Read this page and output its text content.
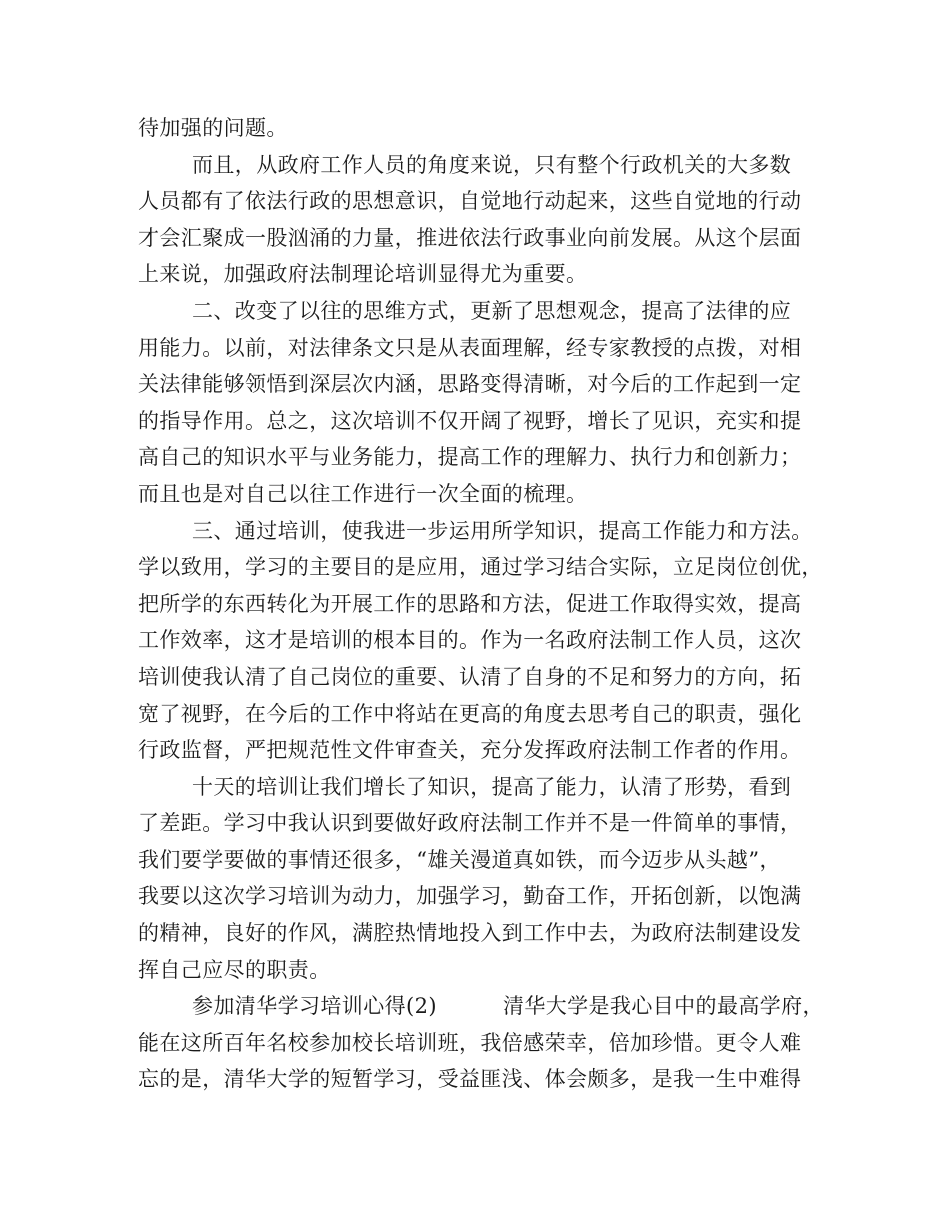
待加强的问题。
而且，从政府工作人员的角度来说，只有整个行政机关的大多数
人员都有了依法行政的思想意识，自觉地行动起来，这些自觉地的行动
才会汇聚成一股汹涌的力量，推进依法行政事业向前发展。从这个层面
上来说，加强政府法制理论培训显得尤为重要。
二、改变了以往的思维方式，更新了思想观念，提高了法律的应
用能力。以前，对法律条文只是从表面理解，经专家教授的点拨，对相
关法律能够领悟到深层次内涵，思路变得清晰，对今后的工作起到一定
的指导作用。总之，这次培训不仅开阔了视野，增长了见识，充实和提
高自己的知识水平与业务能力，提高工作的理解力、执行力和创新力；
而且也是对自己以往工作进行一次全面的梳理。
三、通过培训，使我进一步运用所学知识，提高工作能力和方法。
学以致用，学习的主要目的是应用，通过学习结合实际，立足岗位创优，
把所学的东西转化为开展工作的思路和方法，促进工作取得实效，提高
工作效率，这才是培训的根本目的。作为一名政府法制工作人员，这次
培训使我认清了自己岗位的重要、认清了自身的不足和努力的方向，拓
宽了视野，在今后的工作中将站在更高的角度去思考自己的职责，强化
行政监督，严把规范性文件审查关，充分发挥政府法制工作者的作用。
十天的培训让我们增长了知识，提高了能力，认清了形势，看到
了差距。学习中我认识到要做好政府法制工作并不是一件简单的事情，
我们要学要做的事情还很多，“雄关漫道真如铁，而今迈步从头越”，
我要以这次学习培训为动力，加强学习，勤奋工作，开拓创新，以饱满
的精神，良好的作风，满腔热情地投入到工作中去，为政府法制建设发
挥自己应尽的职责。
参加清华学习培训心得(2)	清华大学是我心目中的最高学府，
能在这所百年名校参加校长培训班，我倍感荣幸，倍加珍惜。更令人难
忘的是，清华大学的短暂学习，受益匪浅、体会颇多，是我一生中难得
